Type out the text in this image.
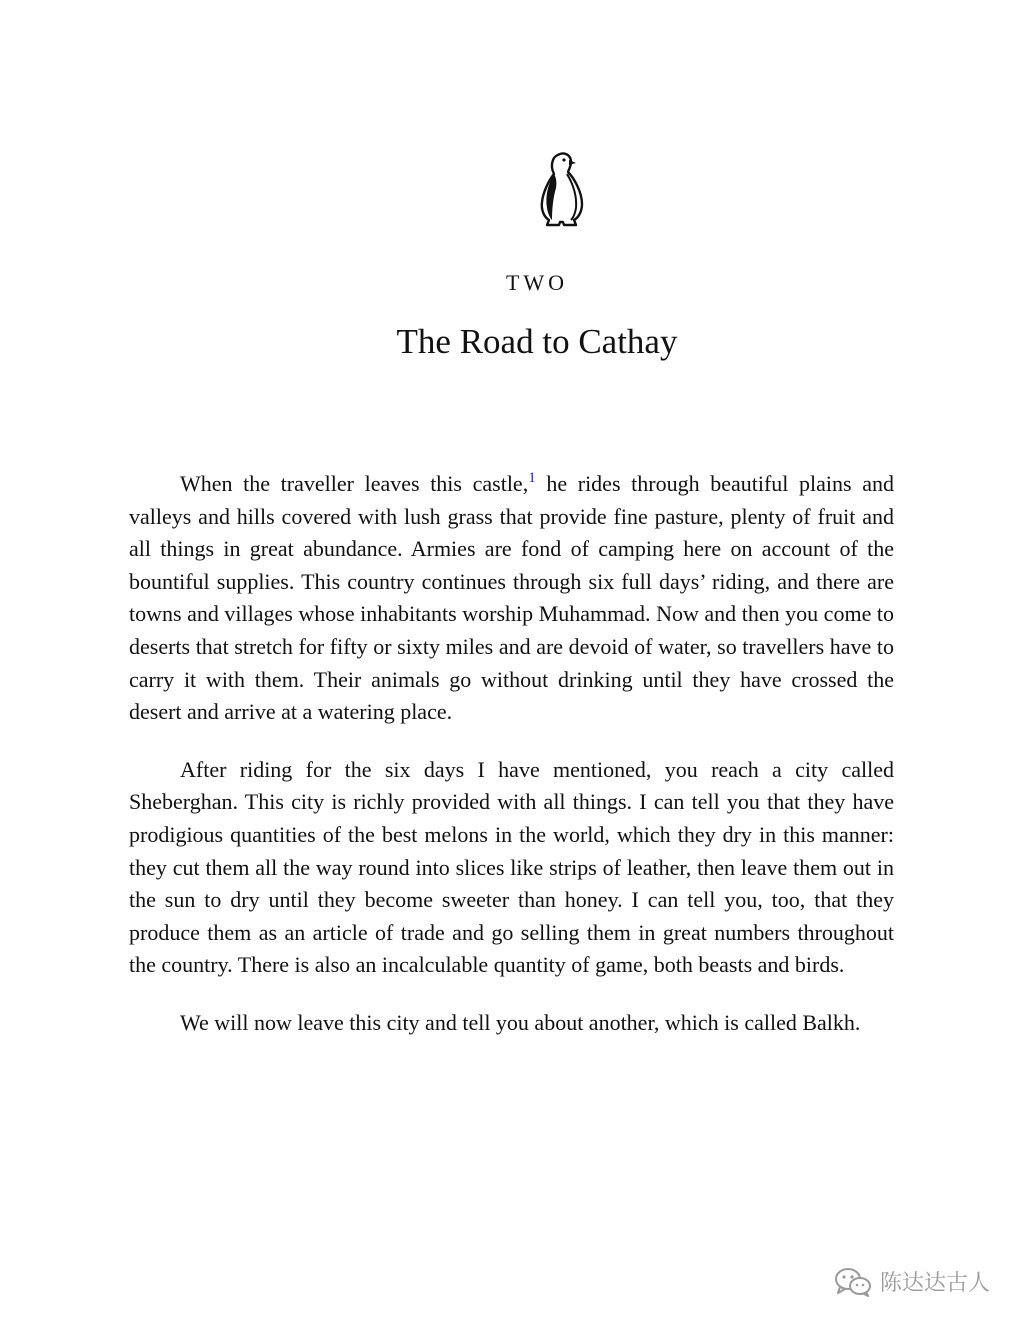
TWO
The Road to Cathay

When the traveller leaves this castle,$^1$ he rides through beautiful plains and valleys and hills covered with lush grass that provide fine pasture, plenty of fruit and all things in great abundance. Armies are fond of camping here on account of the bountiful supplies. This country continues through six full days’ riding, and there are towns and villages whose inhabitants worship Muhammad. Now and then you come to deserts that stretch for fifty or sixty miles and are devoid of water, so travellers have to carry it with them. Their animals go without drinking until they have crossed the desert and arrive at a watering place.

After riding for the six days I have mentioned, you reach a city called Sheberghan. This city is richly provided with all things. I can tell you that they have prodigious quantities of the best melons in the world, which they dry in this manner: they cut them all the way round into slices like strips of leather, then leave them out in the sun to dry until they become sweeter than honey. I can tell you, too, that they produce them as an article of trade and go selling them in great numbers throughout the country. There is also an incalculable quantity of game, both beasts and birds.

We will now leave this city and tell you about another, which is called Balkh.

陈达达古人
